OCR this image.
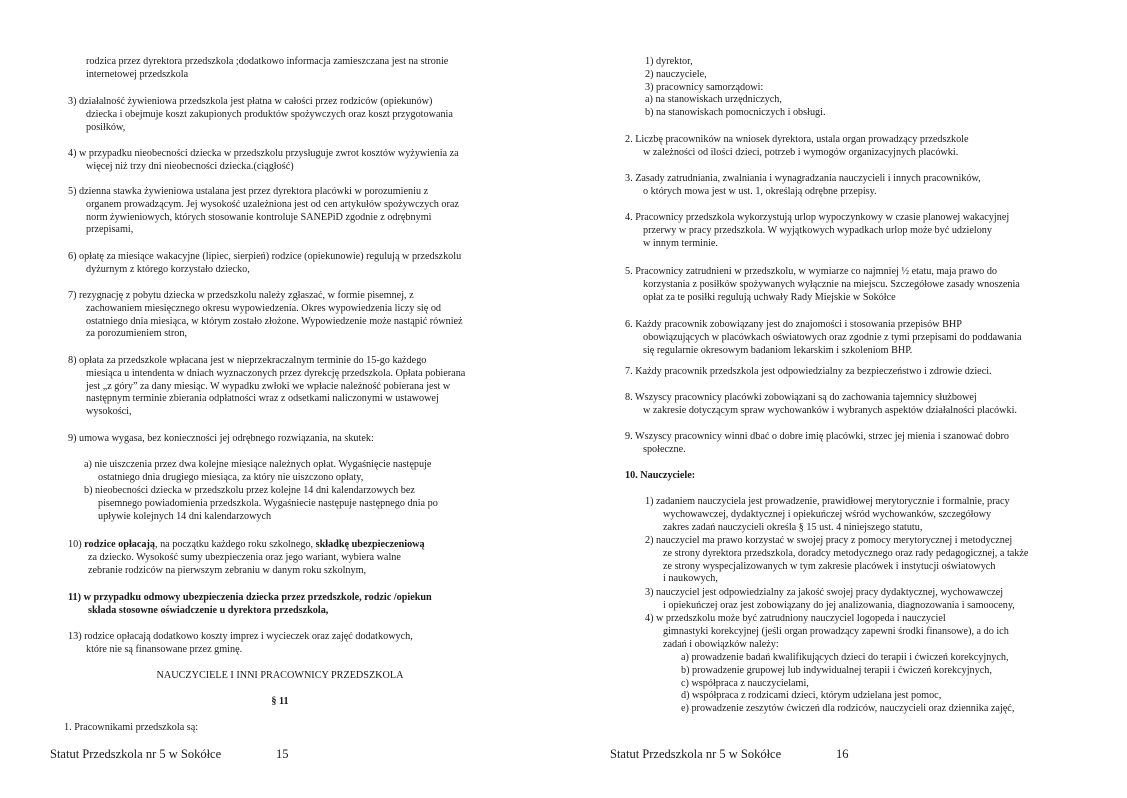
rodzica przez dyrektora przedszkola ;dodatkowo informacja zamieszczana jest na stronie
internetowej przedszkola
3) działalność żywieniowa przedszkola jest płatna w całości przez rodziców (opiekunów)
dziecka i obejmuje koszt zakupionych produktów spożywczych oraz koszt przygotowania
posiłków,
4) w przypadku nieobecności dziecka w przedszkolu przysługuje zwrot kosztów wyżywienia za
więcej niż trzy dni nieobecności dziecka.(ciągłość)
5) dzienna stawka żywieniowa ustalana jest przez dyrektora placówki w porozumieniu z
organem prowadzącym. Jej wysokość uzależniona jest od cen artykułów spożywczych oraz
norm żywieniowych, których stosowanie kontroluje SANEPiD zgodnie z odrębnymi
przepisami,
6) opłatę za miesiące wakacyjne (lipiec, sierpień) rodzice (opiekunowie) regulują w przedszkolu
dyżurnym z którego korzystało dziecko,
7) rezygnację z pobytu dziecka w przedszkolu należy zgłaszać, w formie pisemnej, z
zachowaniem miesięcznego okresu wypowiedzenia. Okres wypowiedzenia liczy się od
ostatniego dnia miesiąca, w którym zostało złożone. Wypowiedzenie może nastąpić również
za porozumieniem stron,
8) opłata za przedszkole wpłacana jest w nieprzekraczalnym terminie do 15-go każdego
miesiąca u intendenta w dniach wyznaczonych przez dyrekcję przedszkola. Opłata pobierana
jest „z góry” za dany miesiąc. W wypadku zwłoki we wpłacie należność pobierana jest w
następnym terminie zbierania odpłatności wraz z odsetkami naliczonymi w ustawowej
wysokości,
9) umowa wygasa, bez konieczności jej odrębnego rozwiązania, na skutek:
a) nie uiszczenia przez dwa kolejne miesiące należnych opłat. Wygaśnięcie następuje
ostatniego dnia drugiego miesiąca, za który nie uiszczono opłaty,
b) nieobecności dziecka w przedszkolu przez kolejne 14 dni kalendarzowych bez
pisemnego powiadomienia przedszkola. Wygaśniecie następuje następnego dnia po
upływie kolejnych 14 dni kalendarzowych
10) rodzice opłacają, na początku każdego roku szkolnego, składkę ubezpieczeniową
za dziecko. Wysokość sumy ubezpieczenia oraz jego wariant, wybiera walne
zebranie rodziców na pierwszym zebraniu w danym roku szkolnym,
11) w przypadku odmowy ubezpieczenia dziecka przez przedszkole, rodzic /opiekun
składa stosowne oświadczenie u dyrektora przedszkola,
13) rodzice opłacają dodatkowo koszty imprez i wycieczek oraz zajęć dodatkowych,
które nie są finansowane przez gminę.
NAUCZYCIELE I INNI PRACOWNICY PRZEDSZKOLA
§ 11
1. Pracownikami przedszkola są:
Statut Przedszkola nr 5 w Sokółce	15
1) dyrektor,
2) nauczyciele,
3) pracownicy samorządowi:
a) na stanowiskach urzędniczych,
b) na stanowiskach pomocniczych i obsługi.
2. Liczbę pracowników na wniosek dyrektora, ustala organ prowadzący przedszkole
w zależności od ilości dzieci, potrzeb i wymogów organizacyjnych placówki.
3. Zasady zatrudniania, zwalniania i wynagradzania nauczycieli i innych pracowników,
o których mowa jest w ust. 1, określają odrębne przepisy.
4. Pracownicy przedszkola wykorzystują urlop wypoczynkowy w czasie planowej wakacyjnej
przerwy w pracy przedszkola. W wyjątkowych wypadkach urlop może być udzielony
w innym terminie.
5. Pracownicy zatrudnieni w przedszkolu, w wymiarze co najmniej ½ etatu, maja prawo do
korzystania z posiłków spożywanych wyłącznie na miejscu. Szczegółowe zasady wnoszenia
opłat za te posiłki regulują uchwały Rady Miejskie w Sokółce
6. Każdy pracownik zobowiązany jest do znajomości i stosowania przepisów BHP
obowiązujących w placówkach oświatowych oraz zgodnie z tymi przepisami do poddawania
się regularnie okresowym badaniom lekarskim i szkoleniom BHP.
7. Każdy pracownik przedszkola jest odpowiedzialny za bezpieczeństwo i zdrowie dzieci.
8. Wszyscy pracownicy placówki zobowiązani są do zachowania tajemnicy służbowej
w zakresie dotyczącym spraw wychowanków i wybranych aspektów działalności placówki.
9. Wszyscy pracownicy winni dbać o dobre imię placówki, strzec jej mienia i szanować dobro
społeczne.
10. Nauczyciele:
1) zadaniem nauczyciela jest prowadzenie, prawidłowej merytorycznie i formalnie, pracy
wychowawczej, dydaktycznej i opiekuńczej wśród wychowanków, szczegółowy
zakres zadań nauczycieli określa § 15 ust. 4 niniejszego statutu,
2) nauczyciel ma prawo korzystać w swojej pracy z pomocy merytorycznej i metodycznej
ze strony dyrektora przedszkola, doradcy metodycznego oraz rady pedagogicznej, a także
ze strony wyspecjalizowanych w tym zakresie placówek i instytucji oświatowych
i naukowych,
3) nauczyciel jest odpowiedzialny za jakość swojej pracy dydaktycznej, wychowawczej
i opiekuńczej oraz jest zobowiązany do jej analizowania, diagnozowania i samooceny,
4) w przedszkolu może być zatrudniony nauczyciel logopeda i nauczyciel
gimnastyki korekcyjnej (jeśli organ prowadzący zapewni środki finansowe), a do ich
zadań i obowiązków należy:
a) prowadzenie badań kwalifikujących dzieci do terapii i ćwiczeń korekcyjnych,
b) prowadzenie grupowej lub indywidualnej terapii i ćwiczeń korekcyjnych,
c) współpraca z nauczycielami,
d) współpraca z rodzicami dzieci, którym udzielana jest pomoc,
e) prowadzenie zeszytów ćwiczeń dla rodziców, nauczycieli oraz dziennika zajęć,
Statut Przedszkola nr 5 w Sokółce	16
